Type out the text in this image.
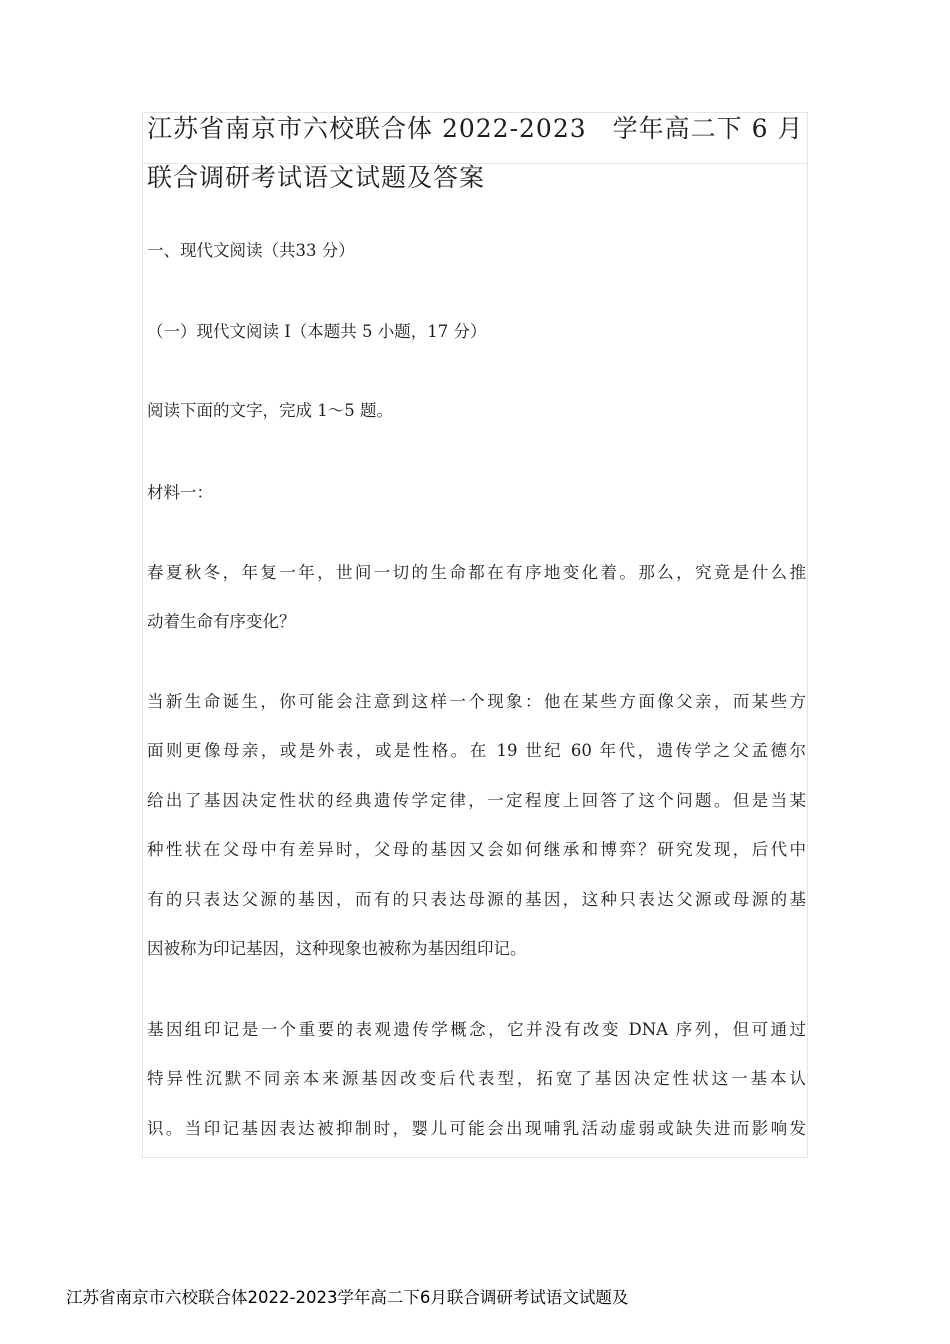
江苏省南京市六校联合体 2022-2023　学年高二下 6 月
联合调研考试语文试题及答案
一、现代文阅读（共33 分）
（一）现代文阅读 I（本题共 5 小题，17 分）
阅读下面的文字，完成 1～5 题。
材料一：
春夏秋冬，年复一年，世间一切的生命都在有序地变化着。那么，究竟是什么推
动着生命有序变化？
当新生命诞生，你可能会注意到这样一个现象：他在某些方面像父亲，而某些方
面则更像母亲，或是外表，或是性格。在 19 世纪 60 年代，遗传学之父孟德尔
给出了基因决定性状的经典遗传学定律，一定程度上回答了这个问题。但是当某
种性状在父母中有差异时，父母的基因又会如何继承和博弈？研究发现，后代中
有的只表达父源的基因，而有的只表达母源的基因，这种只表达父源或母源的基
因被称为印记基因，这种现象也被称为基因组印记。
基因组印记是一个重要的表观遗传学概念，它并没有改变 DNA 序列，但可通过
特异性沉默不同亲本来源基因改变后代表型，拓宽了基因决定性状这一基本认
识。当印记基因表达被抑制时，婴儿可能会出现哺乳活动虚弱或缺失进而影响发
江苏省南京市六校联合体2022-2023学年高二下6月联合调研考试语文试题及
